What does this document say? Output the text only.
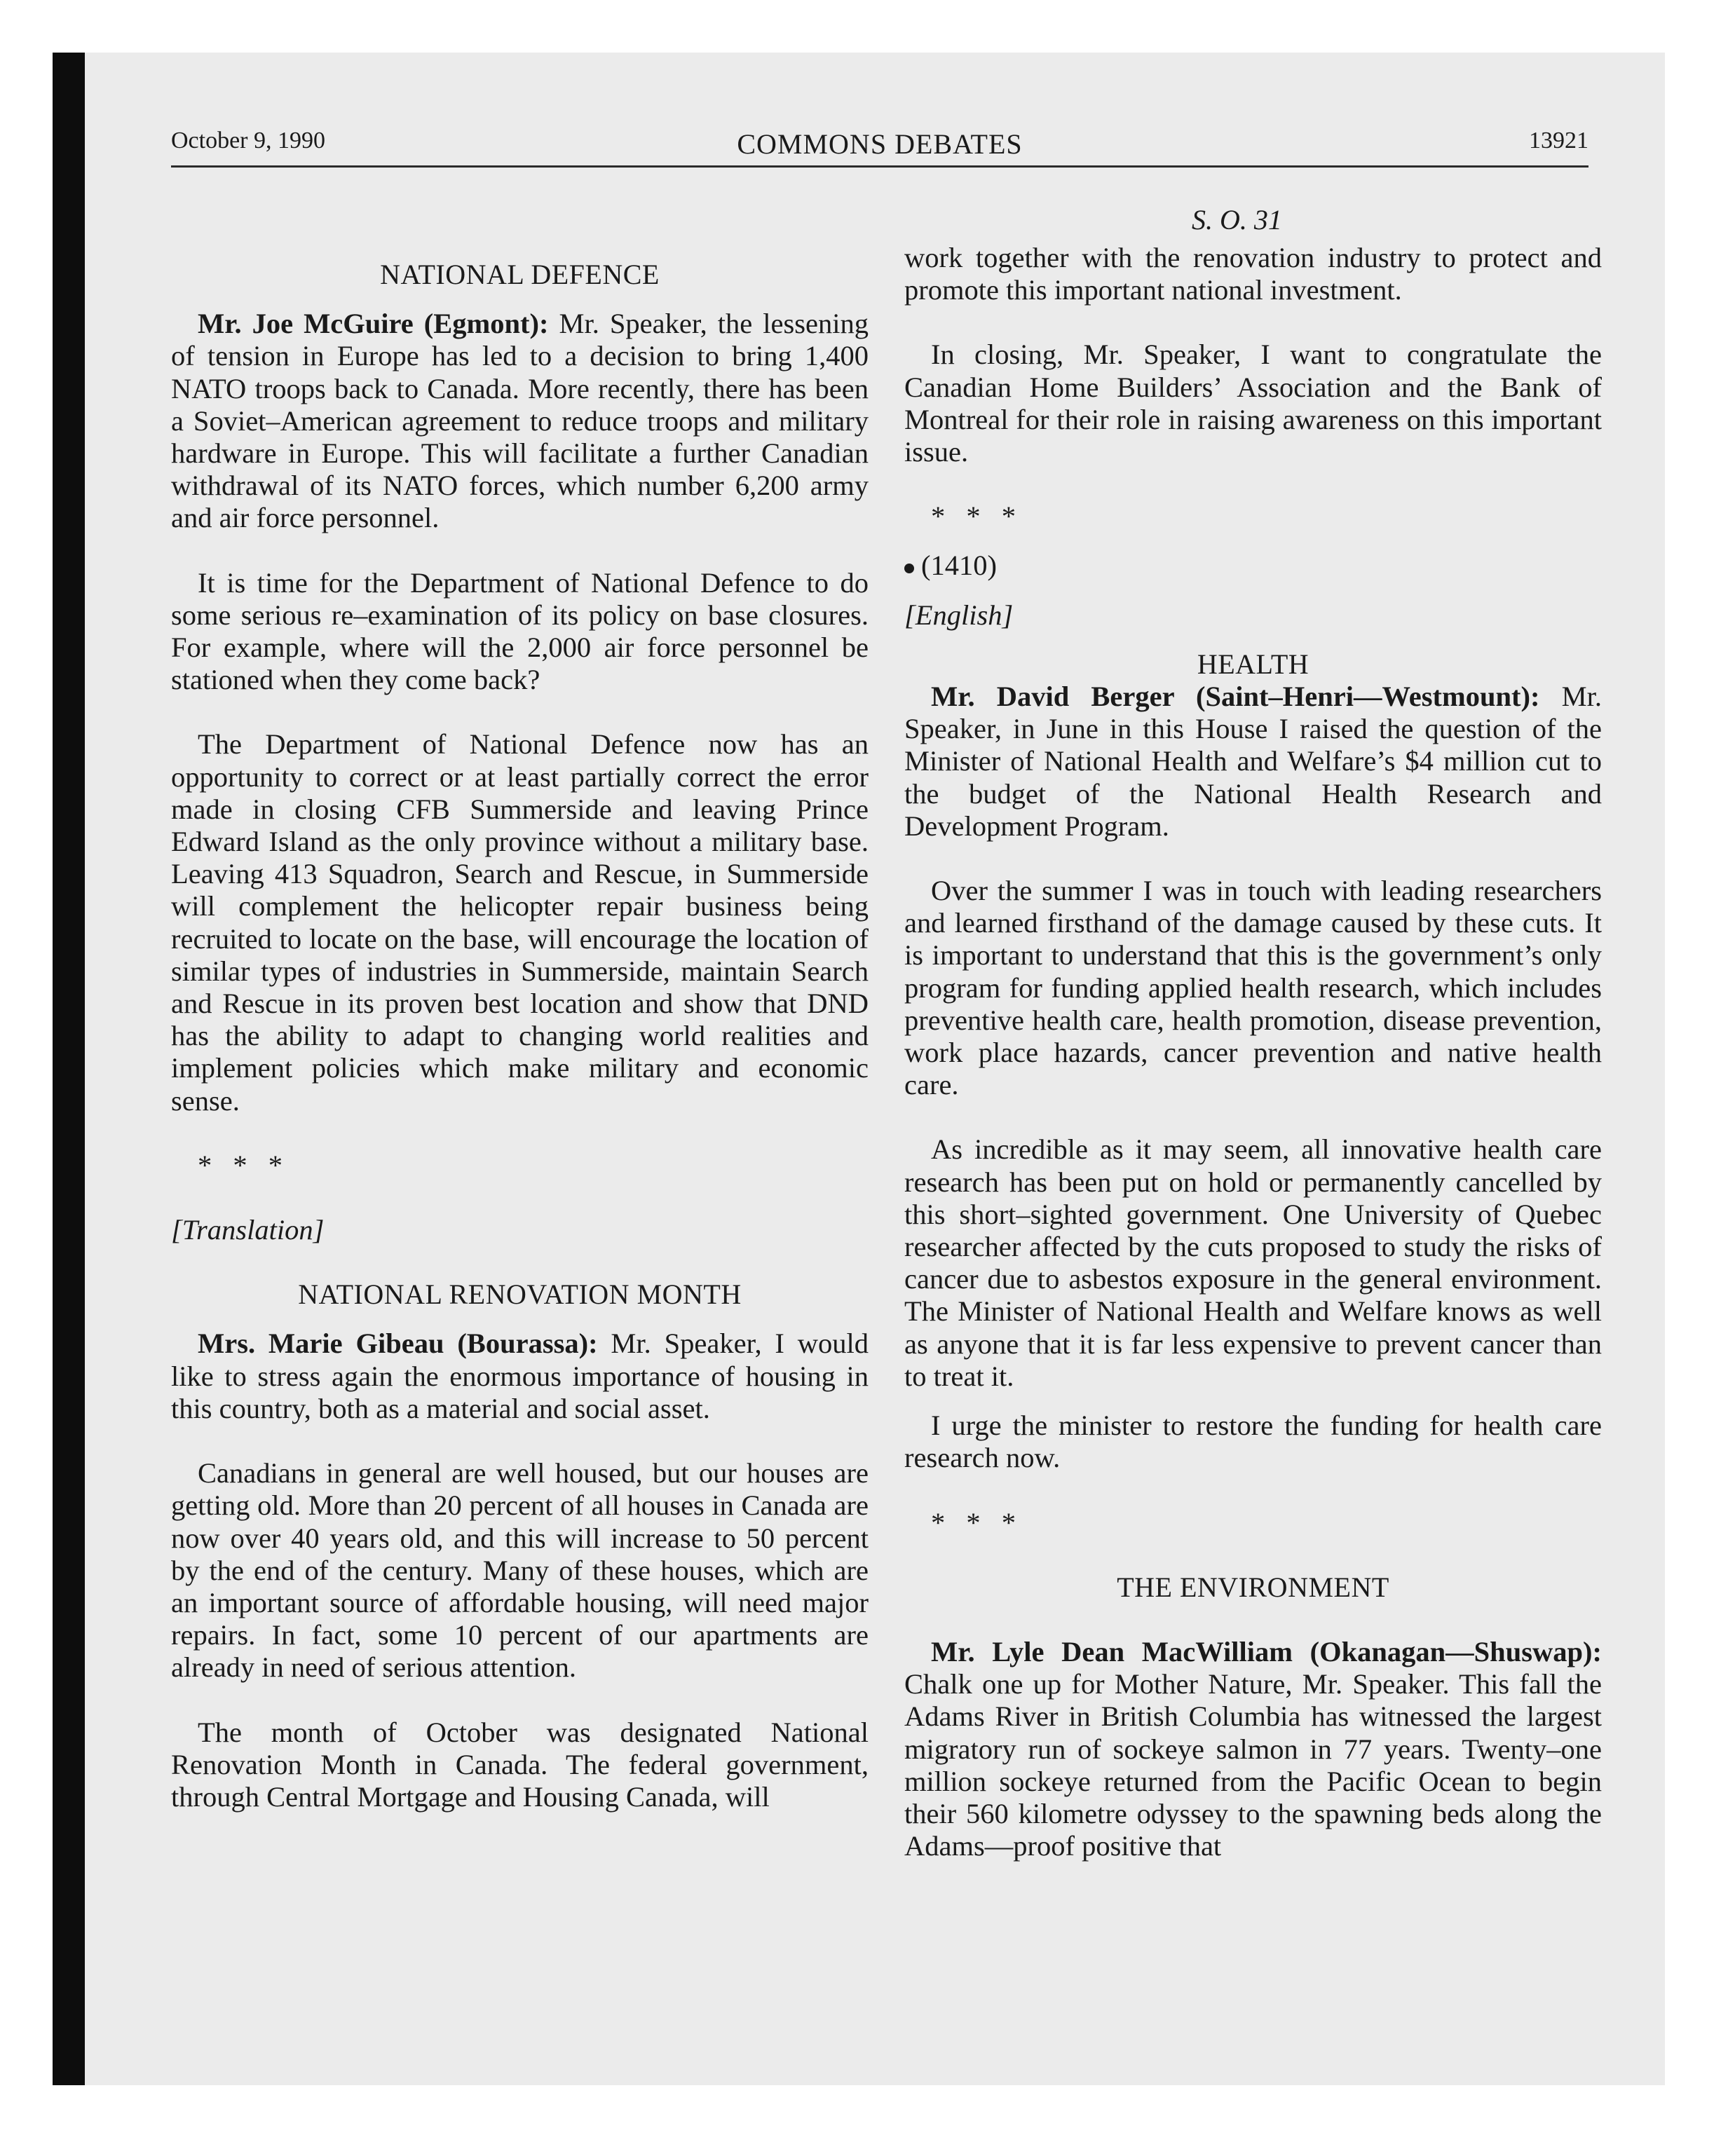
October 9, 1990	COMMONS DEBATES	13921
S. O. 31
NATIONAL DEFENCE

Mr. Joe McGuire (Egmont): Mr. Speaker, the lessening of tension in Europe has led to a decision to bring 1,400 NATO troops back to Canada. More recently, there has been a Soviet–American agreement to reduce troops and military hardware in Europe. This will facilitate a further Canadian withdrawal of its NATO forces, which number 6,200 army and air force personnel.

It is time for the Department of National Defence to do some serious re–examination of its policy on base closures. For example, where will the 2,000 air force personnel be stationed when they come back?

The Department of National Defence now has an opportunity to correct or at least partially correct the error made in closing CFB Summerside and leaving Prince Edward Island as the only province without a military base. Leaving 413 Squadron, Search and Rescue, in Summerside will complement the helicopter repair business being recruited to locate on the base, will encourage the location of similar types of industries in Summerside, maintain Search and Rescue in its proven best location and show that DND has the ability to adapt to changing world realities and implement policies which make military and economic sense.

* * *

[Translation]

NATIONAL RENOVATION MONTH

Mrs. Marie Gibeau (Bourassa): Mr. Speaker, I would like to stress again the enormous importance of housing in this country, both as a material and social asset.

Canadians in general are well housed, but our houses are getting old. More than 20 percent of all houses in Canada are now over 40 years old, and this will increase to 50 percent by the end of the century. Many of these houses, which are an important source of affordable housing, will need major repairs. In fact, some 10 percent of our apartments are already in need of serious attention.

The month of October was designated National Renovation Month in Canada. The federal government, through Central Mortgage and Housing Canada, will

work together with the renovation industry to protect and promote this important national investment.

In closing, Mr. Speaker, I want to congratulate the Canadian Home Builders’ Association and the Bank of Montreal for their role in raising awareness on this important issue.

* * *

(1410)

[English]

HEALTH

Mr. David Berger (Saint–Henri—Westmount): Mr. Speaker, in June in this House I raised the question of the Minister of National Health and Welfare’s $4 million cut to the budget of the National Health Research and Development Program.

Over the summer I was in touch with leading researchers and learned firsthand of the damage caused by these cuts. It is important to understand that this is the government’s only program for funding applied health research, which includes preventive health care, health promotion, disease prevention, work place hazards, cancer prevention and native health care.

As incredible as it may seem, all innovative health care research has been put on hold or permanently cancelled by this short–sighted government. One University of Quebec researcher affected by the cuts proposed to study the risks of cancer due to asbestos exposure in the general environment. The Minister of National Health and Welfare knows as well as anyone that it is far less expensive to prevent cancer than to treat it.

I urge the minister to restore the funding for health care research now.

* * *

THE ENVIRONMENT

Mr. Lyle Dean MacWilliam (Okanagan—Shuswap): Chalk one up for Mother Nature, Mr. Speaker. This fall the Adams River in British Columbia has witnessed the largest migratory run of sockeye salmon in 77 years. Twenty–one million sockeye returned from the Pacific Ocean to begin their 560 kilometre odyssey to the spawning beds along the Adams—proof positive that
